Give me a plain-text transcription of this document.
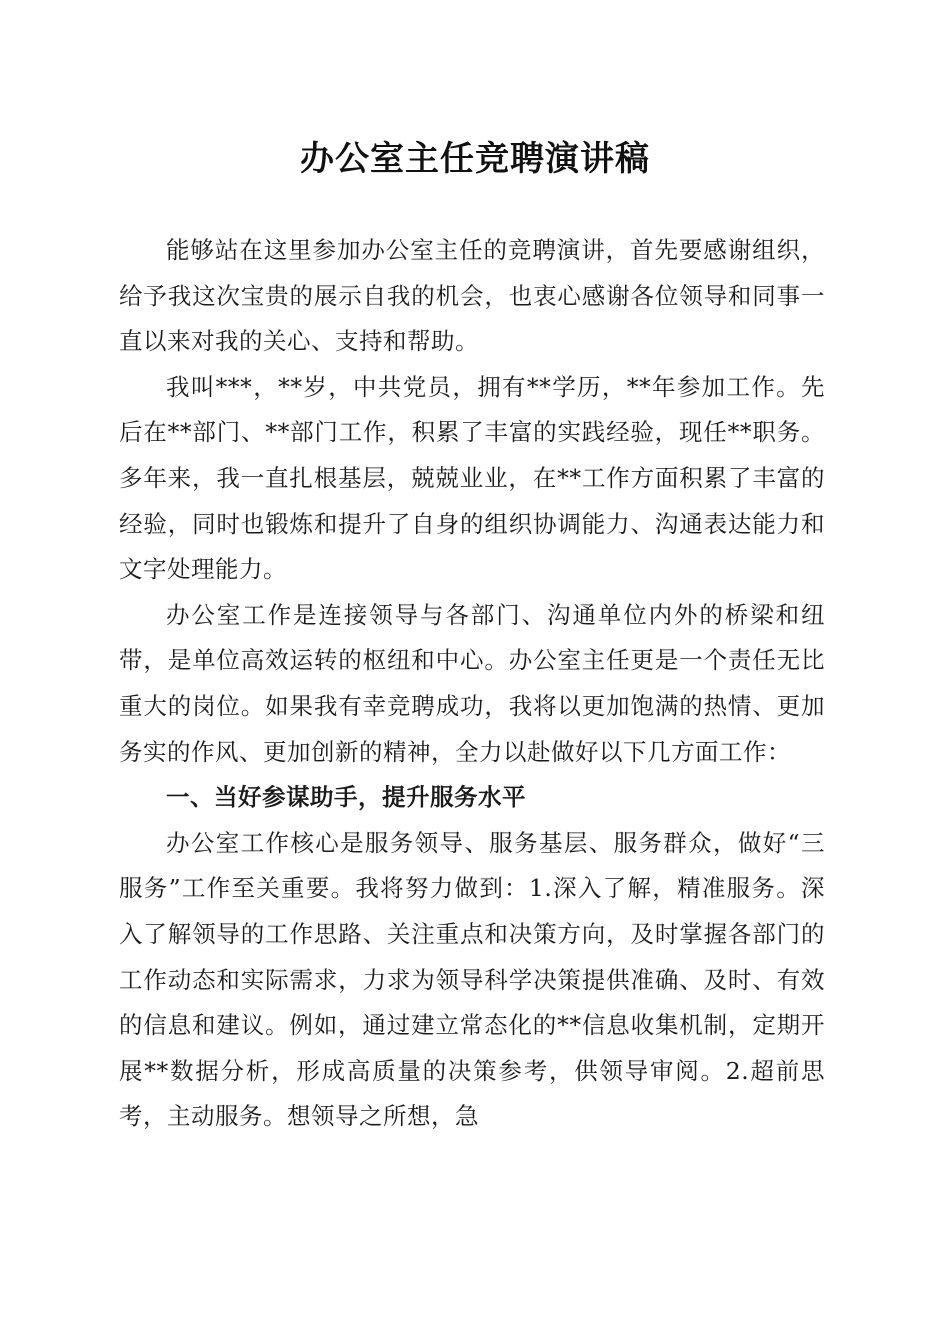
办公室主任竞聘演讲稿

能够站在这里参加办公室主任的竞聘演讲，首先要感谢组织，给予我这次宝贵的展示自我的机会，也衷心感谢各位领导和同事一直以来对我的关心、支持和帮助。

我叫***，**岁，中共党员，拥有**学历，**年参加工作。先后在**部门、**部门工作，积累了丰富的实践经验，现任**职务。多年来，我一直扎根基层，兢兢业业，在**工作方面积累了丰富的经验，同时也锻炼和提升了自身的组织协调能力、沟通表达能力和文字处理能力。

办公室工作是连接领导与各部门、沟通单位内外的桥梁和纽带，是单位高效运转的枢纽和中心。办公室主任更是一个责任无比重大的岗位。如果我有幸竞聘成功，我将以更加饱满的热情、更加务实的作风、更加创新的精神，全力以赴做好以下几方面工作：

一、当好参谋助手，提升服务水平

办公室工作核心是服务领导、服务基层、服务群众，做好“三服务”工作至关重要。我将努力做到：1.深入了解，精准服务。深入了解领导的工作思路、关注重点和决策方向，及时掌握各部门的工作动态和实际需求，力求为领导科学决策提供准确、及时、有效的信息和建议。例如，通过建立常态化的**信息收集机制，定期开展**数据分析，形成高质量的决策参考，供领导审阅。2.超前思考，主动服务。想领导之所想，急
